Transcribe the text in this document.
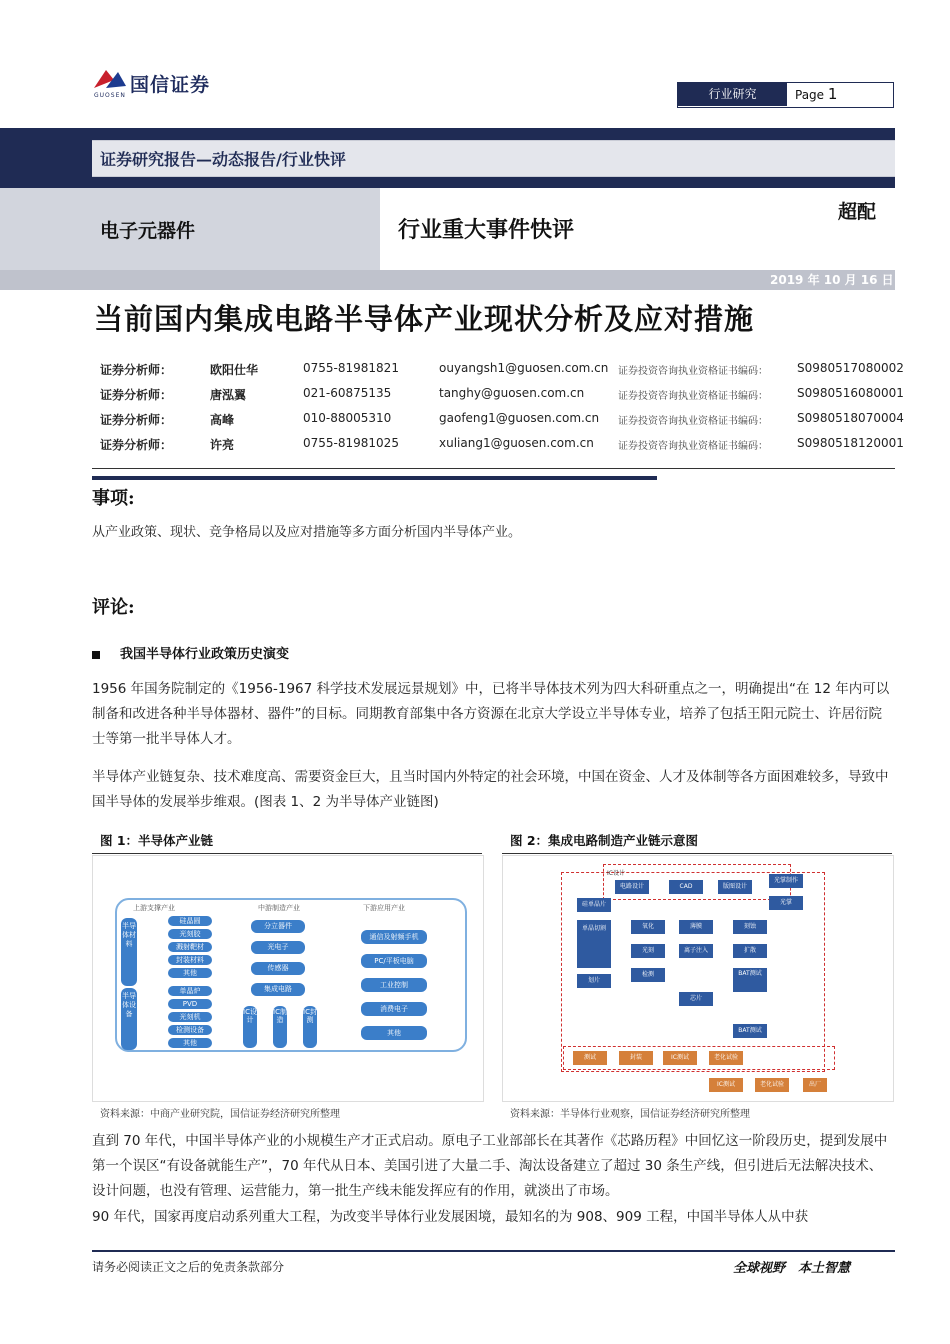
国信证券
GUOSEN	行业研究	Page 1
证券研究报告—动态报告/行业快评
电子元器件	行业重大事件快评
超配
2019 年 10 月 16 日
当前国内集成电路半导体产业现状分析及应对措施
证券分析师：	欧阳仕华	0755-81981821	ouyangsh1@guosen.com.cn 证券投资咨询执业资格证书编码： S0980517080002
证券分析师：	唐泓翼	021-60875135	tanghy@guosen.com.cn	证券投资咨询执业资格证书编码： S0980516080001
证券分析师：	高峰	010-88005310	gaofeng1@guosen.com.cn 证券投资咨询执业资格证书编码： S0980518070004
证券分析师：	许亮	0755-81981025	xuliang1@guosen.com.cn 证券投资咨询执业资格证书编码： S0980518120001
事项:
从产业政策、现状、竞争格局以及应对措施等多方面分析国内半导体产业。
评论:
我国半导体行业政策历史演变
1956 年国务院制定的《1956-1967 科学技术发展远景规划》中，已将半导体技术列为四大科研重点之一，明确提出“在 12 年内可以制备和改进各种半导体器材、器件”的目标。同期教育部集中各方资源在北京大学设立半导体专业，培养了包括王阳元院士、许居衍院士等第一批半导体人才。
半导体产业链复杂、技术难度高、需要资金巨大，且当时国内外特定的社会环境，中国在资金、人才及体制等各方面困难较多，导致中国半导体的发展举步维艰。(图表 1、2 为半导体产业链图)
图 1：半导体产业链
上游支撑产业	中游制造产业	下游应用产业
半导体材料
半导体设备
硅晶圆
光刻胶
溅射靶材
封装材料
其他
单晶炉
PVD
光刻机
检测设备
其他
分立器件
光电子
传感器
集成电路
IC设计
IC制造
IC封测
通信及射频手机
PC/平板电脑
工业控制
消费电子
其他
资料来源：中商产业研究院，国信证券经济研究所整理
图 2：集成电路制造产业链示意图
电路设计	CAD	版图设计
光掌制作
光掌
硅单晶片
单晶切割	氧化	薄膜	刻蚀
光刻	离子注入	扩散
检测	BAT测试
芯片
划片
BAT测试
测试	封装	IC测试	老化试验
IC测试	老化试验	出厂
IC设计
资料来源：半导体行业观察，国信证券经济研究所整理
直到 70 年代，中国半导体产业的小规模生产才正式启动。原电子工业部部长在其著作《芯路历程》中回忆这一阶段历史，提到发展中第一个误区“有设备就能生产”，70 年代从日本、美国引进了大量二手、淘汰设备建立了超过 30 条生产线，但引进后无法解决技术、设计问题，也没有管理、运营能力，第一批生产线未能发挥应有的作用，就淡出了市场。
90 年代，国家再度启动系列重大工程，为改变半导体行业发展困境，最知名的为 908、909 工程，中国半导体人从中获
请务必阅读正文之后的免责条款部分	全球视野　本土智慧
